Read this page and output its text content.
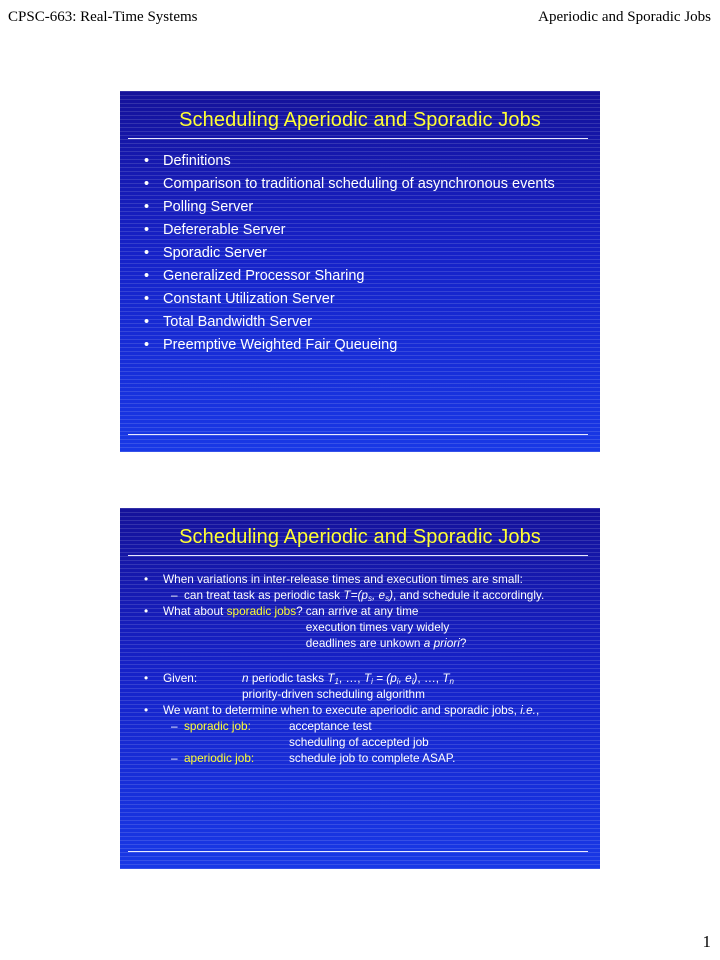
CPSC-663: Real-Time Systems	Aperiodic and Sporadic Jobs
Scheduling Aperiodic and Sporadic Jobs
• Definitions
• Comparison to traditional scheduling of asynchronous events
• Polling Server
• Defererable Server
• Sporadic Server
• Generalized Processor Sharing
• Constant Utilization Server
• Total Bandwidth Server
• Preemptive Weighted Fair Queueing
Scheduling Aperiodic and Sporadic Jobs
• When variations in inter-release times and execution times are small:
– can treat task as periodic task $T=(p_s$, $e_s$), and schedule it accordingly.
• What about sporadic jobs? can arrive at any time
execution times vary widely
deadlines are unkown a priori?
• Given:	n periodic tasks $T_1$, …, $T_i = (p_i$, $e_i$), …, $T_n$
priority-driven scheduling algorithm
• We want to determine when to execute aperiodic and sporadic jobs, i.e.,
– sporadic job:	acceptance test
scheduling of accepted job
– aperiodic job:	schedule job to complete ASAP.
1
